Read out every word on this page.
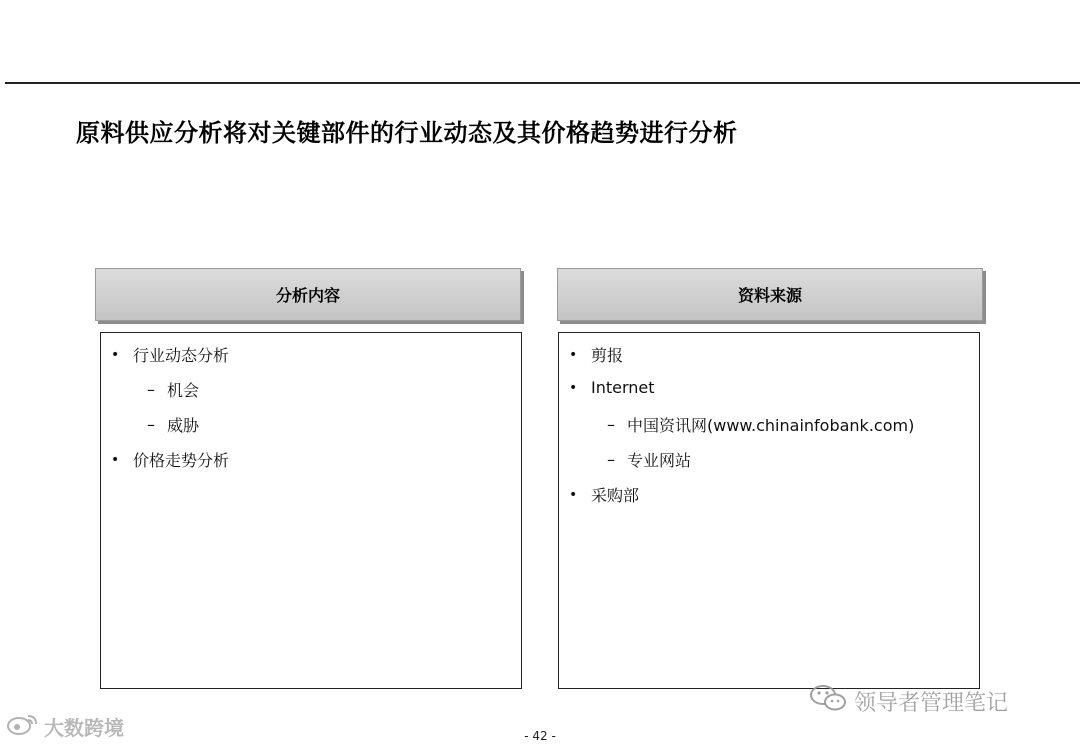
原料供应分析将对关键部件的行业动态及其价格趋势进行分析
分析内容
• 行业动态分析
– 机会
– 威胁
• 价格走势分析
资料来源
• 剪报
• Internet
– 中国资讯网(www.chinainfobank.com)
– 专业网站
• 采购部
- 42 -
大数跨境
领导者管理笔记
